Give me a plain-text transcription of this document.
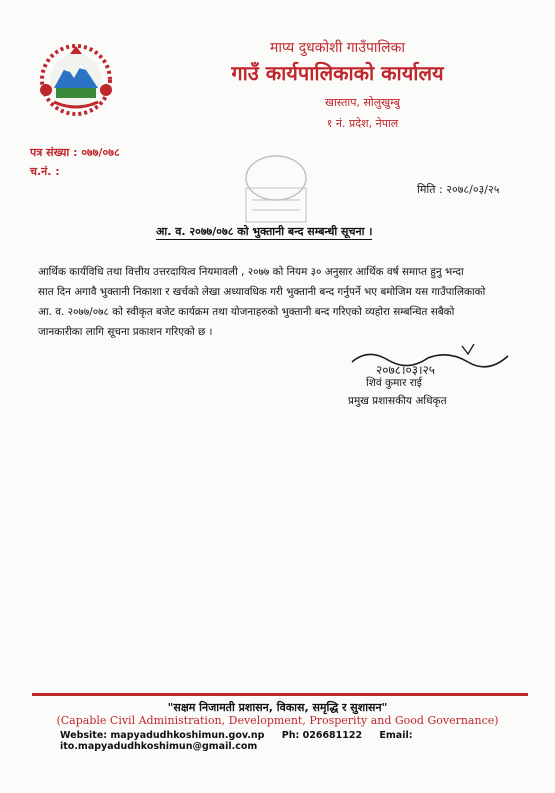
माप्य दुधकोशी गाउँपालिका
गाउँ कार्यपालिकाको कार्यालय
खास्ताप, सोलुखुम्बु
१ नं. प्रदेश, नेपाल
पत्र संख्या : ०७७/०७८
च.नं. :
मिति : २०७८/०३/२५
आ. व. २०७७/०७८ को भुक्तानी बन्द सम्बन्धी सूचना ।
आर्थिक कार्यविधि तथा वित्तीय उत्तरदायित्व नियमावली , २०७७ को नियम ३० अनुसार आर्थिक वर्ष समाप्त हुनु भन्दा
सात दिन अगावै भुक्तानी निकाशा र खर्चको लेखा अध्यावधिक गरी भुक्तानी बन्द गर्नुपर्ने भए बमोजिम यस गाउँपालिकाको
आ. व. २०७७/०७८ को स्वीकृत बजेट कार्यक्रम तथा योजनाहरुको भुक्तानी बन्द गरिएको व्यहोरा सम्बन्धित सबैको
जानकारीका लागि सूचना प्रकाशन गरिएको छ ।
२०७८।०३।२५
शिवं कुमार राई
प्रमुख प्रशासकीय अधिकृत
"सक्षम निजामती प्रशासन, विकास, समृद्धि र सुशासन"
(Capable Civil Administration, Development, Prosperity and Good Governance)
Website: mapyadudhkoshimun.gov.np Ph: 026681122 Email: ito.mapyadudhkoshimun@gmail.com
